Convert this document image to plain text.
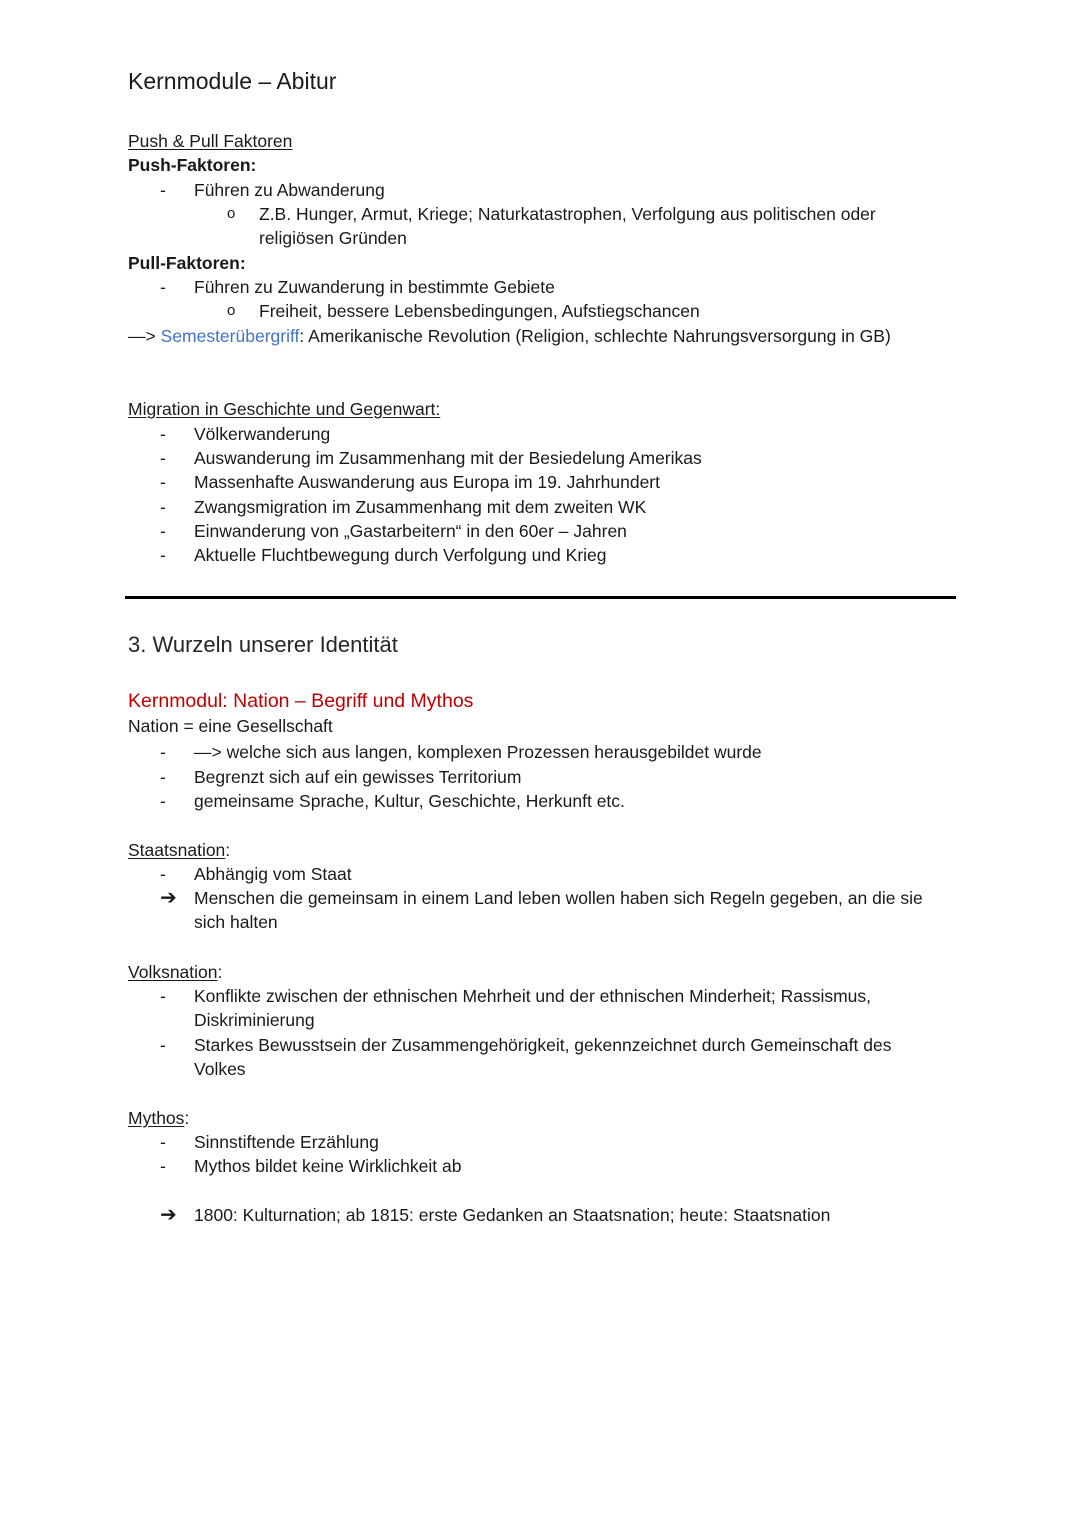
Kernmodule – Abitur
Push & Pull Faktoren
Push-Faktoren:
- Führen zu Abwanderung
o Z.B. Hunger, Armut, Kriege; Naturkatastrophen, Verfolgung aus politischen oder
religiösen Gründen
Pull-Faktoren:
- Führen zu Zuwanderung in bestimmte Gebiete
o Freiheit, bessere Lebensbedingungen, Aufstiegschancen
—> Semesterübergriff: Amerikanische Revolution (Religion, schlechte Nahrungsversorgung in GB)
Migration in Geschichte und Gegenwart:
- Völkerwanderung
- Auswanderung im Zusammenhang mit der Besiedelung Amerikas
- Massenhafte Auswanderung aus Europa im 19. Jahrhundert
- Zwangsmigration im Zusammenhang mit dem zweiten WK
- Einwanderung von „Gastarbeitern“ in den 60er – Jahren
- Aktuelle Fluchtbewegung durch Verfolgung und Krieg
3. Wurzeln unserer Identität
Kernmodul: Nation – Begriff und Mythos
Nation = eine Gesellschaft
- —> welche sich aus langen, komplexen Prozessen herausgebildet wurde
- Begrenzt sich auf ein gewisses Territorium
- gemeinsame Sprache, Kultur, Geschichte, Herkunft etc.
Staatsnation:
- Abhängig vom Staat
➔ Menschen die gemeinsam in einem Land leben wollen haben sich Regeln gegeben, an die sie
sich halten
Volksnation:
- Konflikte zwischen der ethnischen Mehrheit und der ethnischen Minderheit; Rassismus,
Diskriminierung
- Starkes Bewusstsein der Zusammengehörigkeit, gekennzeichnet durch Gemeinschaft des
Volkes
Mythos:
- Sinnstiftende Erzählung
- Mythos bildet keine Wirklichkeit ab
➔ 1800: Kulturnation; ab 1815: erste Gedanken an Staatsnation; heute: Staatsnation
